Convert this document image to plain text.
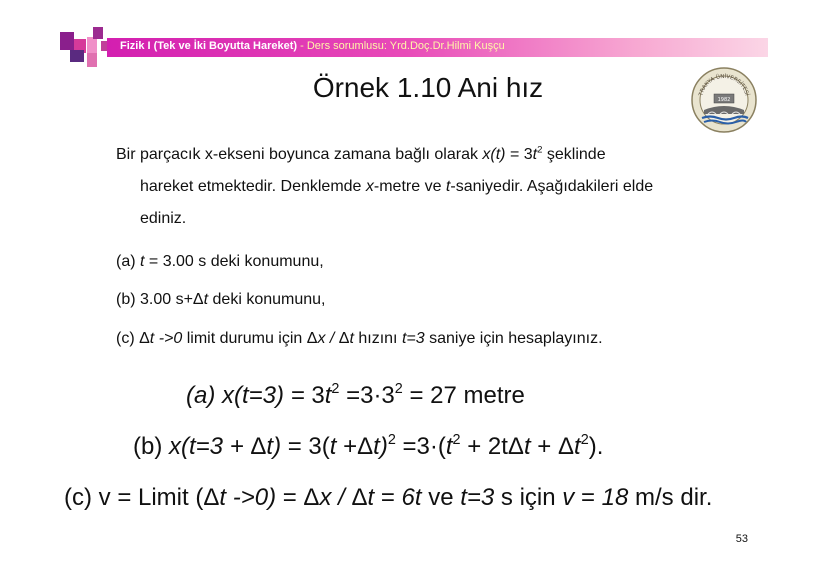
Fizik I (Tek ve İki Boyutta Hareket) - Ders sorumlusu: Yrd.Doç.Dr.Hilmi Kuşçu
Örnek 1.10 Ani hız	TRAKYA ÜNİVERSİTESİ
1982
Bir parçacık x-ekseni boyunca zamana bağlı olarak $x(t) = 3t^2$ şeklinde
hareket etmektedir. Denklemde x-metre ve t-saniyedir. Aşağıdakileri elde
ediniz.
(a) t = 3.00 s deki konumunu,
(b) 3.00 s+Δt deki konumunu,
(c) Δt ->0 limit durumu için Δx / Δt hızını t=3 saniye için hesaplayınız.
(a) $x(t=3) = 3t^2 =3\cdot 3^2 = 27$ metre
(b) $x(t=3 + \Delta t) = 3(t +\Delta t)^2 =3\cdot(t^2 + 2t\Delta t + \Delta t^2)$.
(c) v = Limit (Δt ->0) = Δx / Δt = 6t ve t=3 s için v = 18 m/s dir.
53
